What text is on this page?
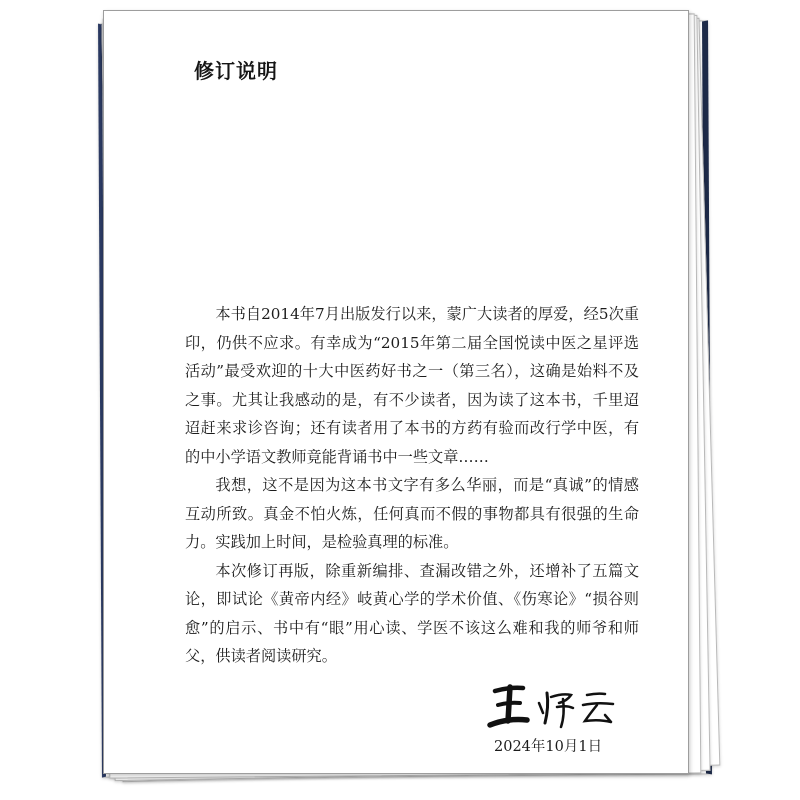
修订说明

本书自2014年7月出版发行以来，蒙广大读者的厚爱，经5次重印，仍供不应求。有幸成为“2015年第二届全国悦读中医之星评选活动”最受欢迎的十大中医药好书之一（第三名），这确是始料不及之事。尤其让我感动的是，有不少读者，因为读了这本书，千里迢迢赶来求诊咨询；还有读者用了本书的方药有验而改行学中医，有的中小学语文教师竟能背诵书中一些文章……

我想，这不是因为这本书文字有多么华丽，而是“真诚”的情感互动所致。真金不怕火炼，任何真而不假的事物都具有很强的生命力。实践加上时间，是检验真理的标准。

本次修订再版，除重新编排、查漏改错之外，还增补了五篇文论，即试论《黄帝内经》岐黄心学的学术价值、《伤寒论》“损谷则愈”的启示、书中有“眼”用心读、学医不该这么难和我的师爷和师父，供读者阅读研究。

2024年10月1日
